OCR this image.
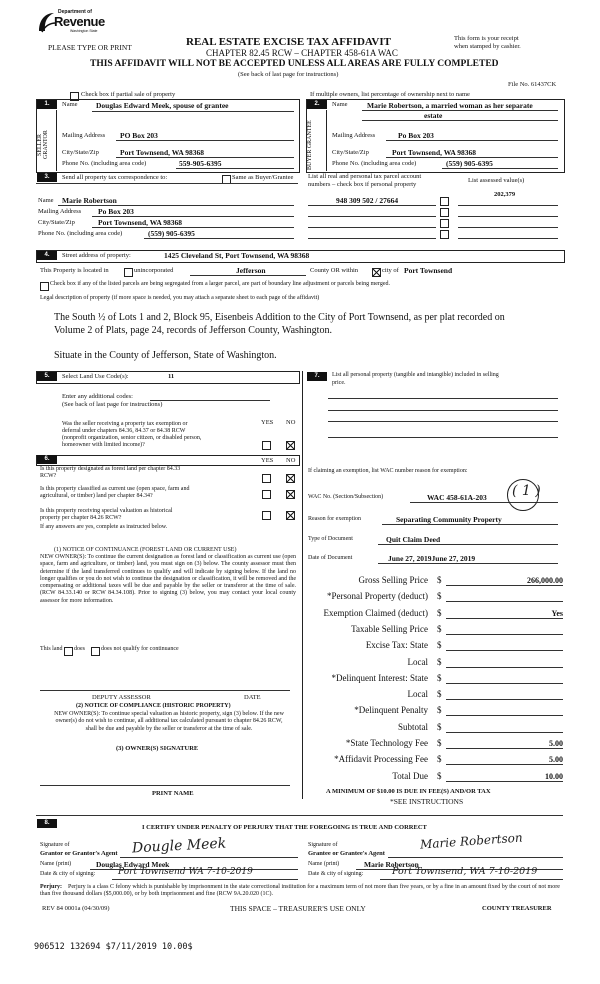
Department of
Revenue
Washington State
PLEASE TYPE OR PRINT	REAL ESTATE EXCISE TAX AFFIDAVIT
CHAPTER 82.45 RCW – CHAPTER 458-61A WAC
THIS AFFIDAVIT WILL NOT BE ACCEPTED UNLESS ALL AREAS ARE FULLY COMPLETED
(See back of last page for instructions)
This form is your receipt
when stamped by cashier.
File No. 61437CK
Check box if partial sale of property	If multiple owners, list percentage of ownership next to name
1.
SELLER GRANTOR
Name Douglas Edward Meek, spouse of grantee
Mailing Address PO Box 203
City/State/Zip	Port Townsend, WA 98368
Phone No. (including area code)	559-905-6395
2.
BUYER GRANTEE
Name	Marie Robertson, a married woman as her separate
estate
Mailing Address	Po Box 203
City/State/Zip	Port Townsend, WA 98368
Phone No. (including area code)	(559) 905-6395
3.	Send all property tax correspondence to:	Same as Buyer/Grantee
Name Marie Robertson
Mailing Address Po Box 203
City/State/Zip	Port Townsend, WA 98368
Phone No. (including area code)	(559) 905-6395
List all real and personal tax parcel account
numbers – check box if personal property
List assessed value(s)
202,379
948 309 502 / 27664
4.	Street address of property:	1425 Cleveland St, Port Townsend, WA 98368
This Property is located in	unincorporated	Jefferson	County OR within	city of Port Townsend
Check box if any of the listed parcels are being segregated from a larger parcel, are part of boundary line adjustment or parcels being merged.
Legal description of property (if more space is needed, you may attach a separate sheet to each page of the affidavit)
The South ½ of Lots 1 and 2, Block 95, Eisenbeis Addition to the City of Port Townsend, as per plat recorded on
Volume 2 of Plats, page 24, records of Jefferson County, Washington.
Situate in the County of Jefferson, State of Washington.
5.	Select Land Use Code(s):	11
Enter any additional codes:
(See back of last page for instructions)
YES NO
Was the seller receiving a property tax exemption or
deferral under chapters 84.36, 84.37 or 84.38 RCW
(nonprofit organization, senior citizen, or disabled person,
homeowner with limited income)?
6.	YES NO
Is this property designated as forest land per chapter 84.33
RCW?
Is this property classified as current use (open space, farm and
agricultural, or timber) land per chapter 84.34?
Is this property receiving special valuation as historical
property per chapter 84.26 RCW?
If any answers are yes, complete as instructed below.
(1) NOTICE OF CONTINUANCE (FOREST LAND OR CURRENT USE)
NEW OWNER(S): To continue the current designation as forest land or classification as current use (open space, farm and agriculture, or timber) land, you must sign on (3) below. The county assessor must then determine if the land transferred continues to qualify and will indicate by signing below. If the land no longer qualifies or you do not wish to continue the designation or classification, it will be removed and the compensating or additional taxes will be due and payable by the seller or transferor at the time of sale. (RCW 84.33.140 or RCW 84.34.108). Prior to signing (3) below, you may contact your local county assessor for more information.
This land does	does not qualify for continuance
DEPUTY ASSESSOR	DATE
(2) NOTICE OF COMPLIANCE (HISTORIC PROPERTY)
NEW OWNER(S): To continue special valuation as historic property, sign (3) below. If the new owner(s) do not wish to continue, all additional tax calculated pursuant to chapter 84.26 RCW, shall be due and payable by the seller or transferor at the time of sale.
(3) OWNER(S) SIGNATURE
PRINT NAME
7.	List all personal property (tangible and intangible) included in selling
price.
If claiming an exemption, list WAC number reason for exemption:
WAC No. (Section/Subsection)	WAC 458-61A-203 ( 1 )
Reason for exemption	Separating Community Property
Type of Document	Quit Claim Deed
Date of Document	June 27, 2019June 27, 2019
Gross Selling Price $	266,000.00
*Personal Property (deduct) $
Exemption Claimed (deduct) $	Yes
Taxable Selling Price $
Excise Tax: State $
Local $
*Delinquent Interest: State $
Local $
*Delinquent Penalty $
Subtotal $
*State Technology Fee $	5.00
*Affidavit Processing Fee $	5.00
Total Due $	10.00
A MINIMUM OF $10.00 IS DUE IN FEE(S) AND/OR TAX
*SEE INSTRUCTIONS
8.
I CERTIFY UNDER PENALTY OF PERJURY THAT THE FOREGOING IS TRUE AND CORRECT
Signature of
Grantor or Grantor's Agent Dougle Meek
Name (print)	Douglas Edward Meek
Date & city of signing:	Port Townsend WA 7-10-2019
Signature of
Grantee or Grantee's Agent
Marie Robertson
Name (print)	Marie Robertson
Date & city of signing:	Port Townsend, WA 7-10-2019
Perjury:	Perjury is a class C felony which is punishable by imprisonment in the state correctional institution for a maximum term of not more than five years, or by a fine in an amount fixed by the court of not more than five thousand dollars ($5,000.00), or by both imprisonment and fine (RCW 9A.20.020 (1C).
REV 84 0001a (04/30/09)	THIS SPACE – TREASURER'S USE ONLY	COUNTY TREASURER
906512 132694 $7/11/2019 10.00$
